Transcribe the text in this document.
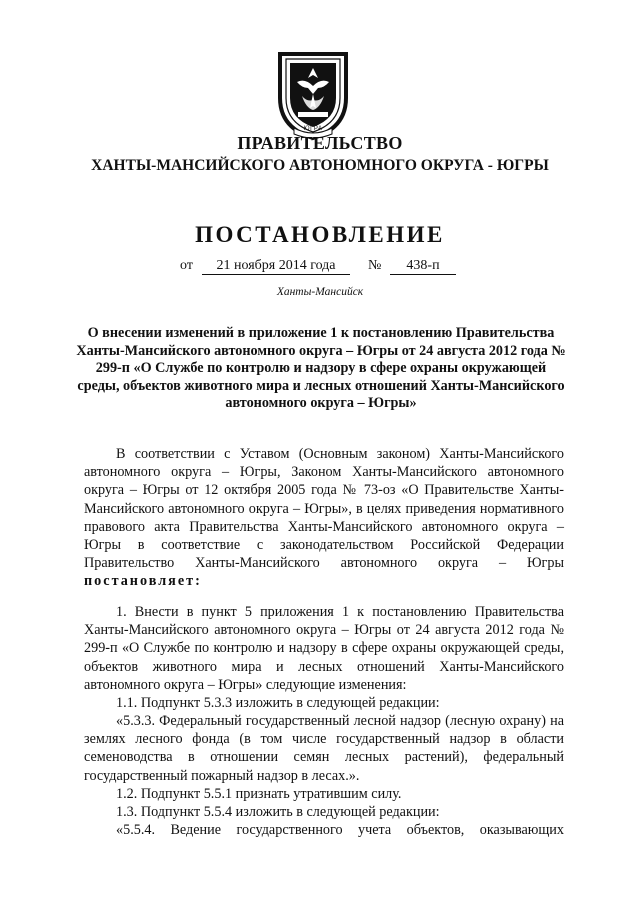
ЮГРА
ПРАВИТЕЛЬСТВО
ХАНТЫ-МАНСИЙСКОГО АВТОНОМНОГО ОКРУГА - ЮГРЫ
ПОСТАНОВЛЕНИЕ
от	21 ноября 2014 года	№	438-п
Ханты-Мансийск
О внесении изменений в приложение 1 к постановлению Правительства Ханты-Мансийского автономного округа – Югры от 24 августа 2012 года № 299-п «О Службе по контролю и надзору в сфере охраны окружающей среды, объектов животного мира и лесных отношений Ханты-Мансийского автономного округа – Югры»
В соответствии с Уставом (Основным законом) Ханты-Мансийского автономного округа – Югры, Законом Ханты-Мансийского автономного округа – Югры от 12 октября 2005 года № 73-оз «О Правительстве Ханты-Мансийского автономного округа – Югры», в целях приведения нормативного правового акта Правительства Ханты-Мансийского автономного округа – Югры в соответствие с законодательством Российской Федерации Правительство Ханты-Мансийского автономного округа – Югры постановляет:
1. Внести в пункт 5 приложения 1 к постановлению Правительства Ханты-Мансийского автономного округа – Югры от 24 августа 2012 года № 299-п «О Службе по контролю и надзору в сфере охраны окружающей среды, объектов животного мира и лесных отношений Ханты-Мансийского автономного округа – Югры» следующие изменения:
1.1. Подпункт 5.3.3 изложить в следующей редакции:
«5.3.3. Федеральный государственный лесной надзор (лесную охрану) на землях лесного фонда (в том числе государственный надзор в области семеноводства в отношении семян лесных растений), федеральный государственный пожарный надзор в лесах.».
1.2. Подпункт 5.5.1 признать утратившим силу.
1.3. Подпункт 5.5.4 изложить в следующей редакции:
«5.5.4. Ведение государственного учета объектов, оказывающих
